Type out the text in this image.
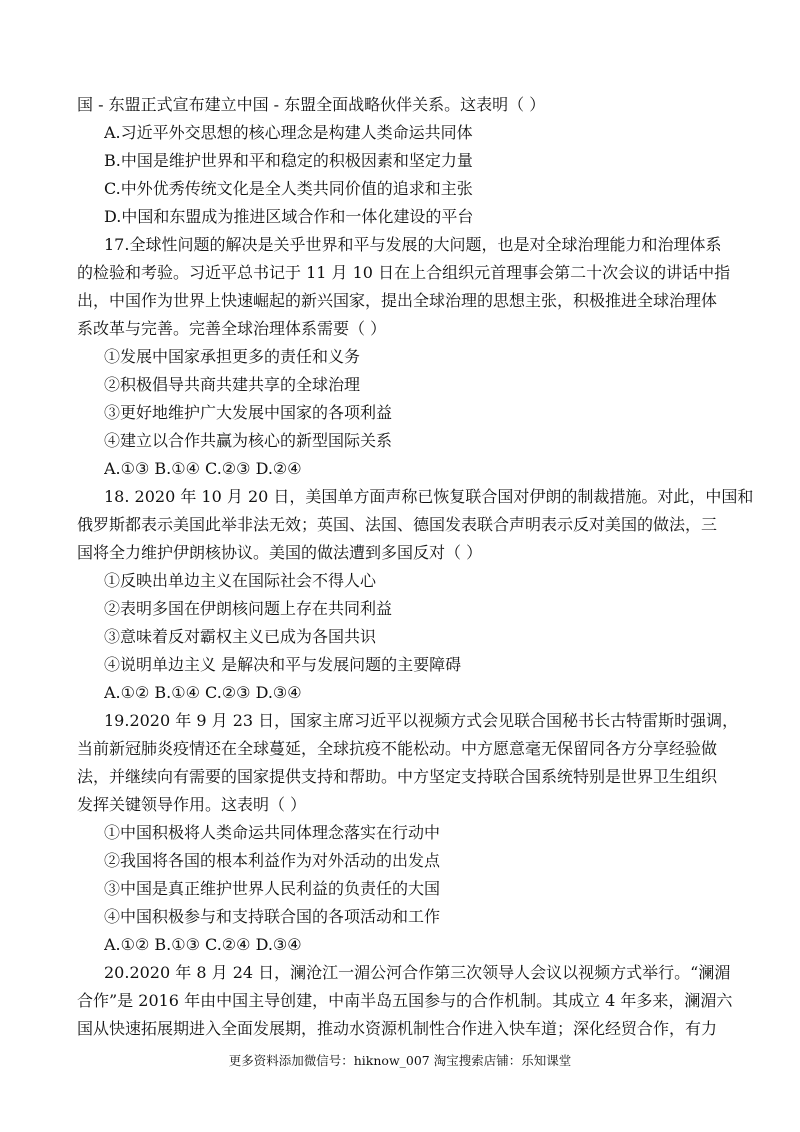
国 - 东盟正式宣布建立中国 - 东盟全面战略伙伴关系。这表明（ ）
A.习近平外交思想的核心理念是构建人类命运共同体
B.中国是维护世界和平和稳定的积极因素和坚定力量
C.中外优秀传统文化是全人类共同价值的追求和主张
D.中国和东盟成为推进区域合作和一体化建设的平台
17.全球性问题的解决是关乎世界和平与发展的大问题，也是对全球治理能力和治理体系
的检验和考验。习近平总书记于 11 月 10 日在上合组织元首理事会第二十次会议的讲话中指
出，中国作为世界上快速崛起的新兴国家，提出全球治理的思想主张，积极推进全球治理体
系改革与完善。完善全球治理体系需要（ ）
①发展中国家承担更多的责任和义务
②积极倡导共商共建共享的全球治理
③更好地维护广大发展中国家的各项利益
④建立以合作共赢为核心的新型国际关系
A.①③ B.①④ C.②③ D.②④
18. 2020 年 10 月 20 日，美国单方面声称已恢复联合国对伊朗的制裁措施。对此，中国和
俄罗斯都表示美国此举非法无效；英国、法国、德国发表联合声明表示反对美国的做法，三
国将全力维护伊朗核协议。美国的做法遭到多国反对（ ）
①反映出单边主义在国际社会不得人心
②表明多国在伊朗核问题上存在共同利益
③意味着反对霸权主义已成为各国共识
④说明单边主义 是解决和平与发展问题的主要障碍
A.①② B.①④ C.②③ D.③④
19.2020 年 9 月 23 日，国家主席习近平以视频方式会见联合国秘书长古特雷斯时强调，
当前新冠肺炎疫情还在全球蔓延，全球抗疫不能松动。中方愿意毫无保留同各方分享经验做
法，并继续向有需要的国家提供支持和帮助。中方坚定支持联合国系统特别是世界卫生组织
发挥关键领导作用。这表明（ ）
①中国积极将人类命运共同体理念落实在行动中
②我国将各国的根本利益作为对外活动的出发点
③中国是真正维护世界人民利益的负责任的大国
④中国积极参与和支持联合国的各项活动和工作
A.①② B.①③ C.②④ D.③④
20.2020 年 8 月 24 日，澜沧江一湄公河合作第三次领导人会议以视频方式举行。“澜湄
合作”是 2016 年由中国主导创建，中南半岛五国参与的合作机制。其成立 4 年多来，澜湄六
国从快速拓展期进入全面发展期，推动水资源机制性合作进入快车道；深化经贸合作，有力
更多资料添加微信号：hiknow_007 淘宝搜索店铺：乐知课堂
